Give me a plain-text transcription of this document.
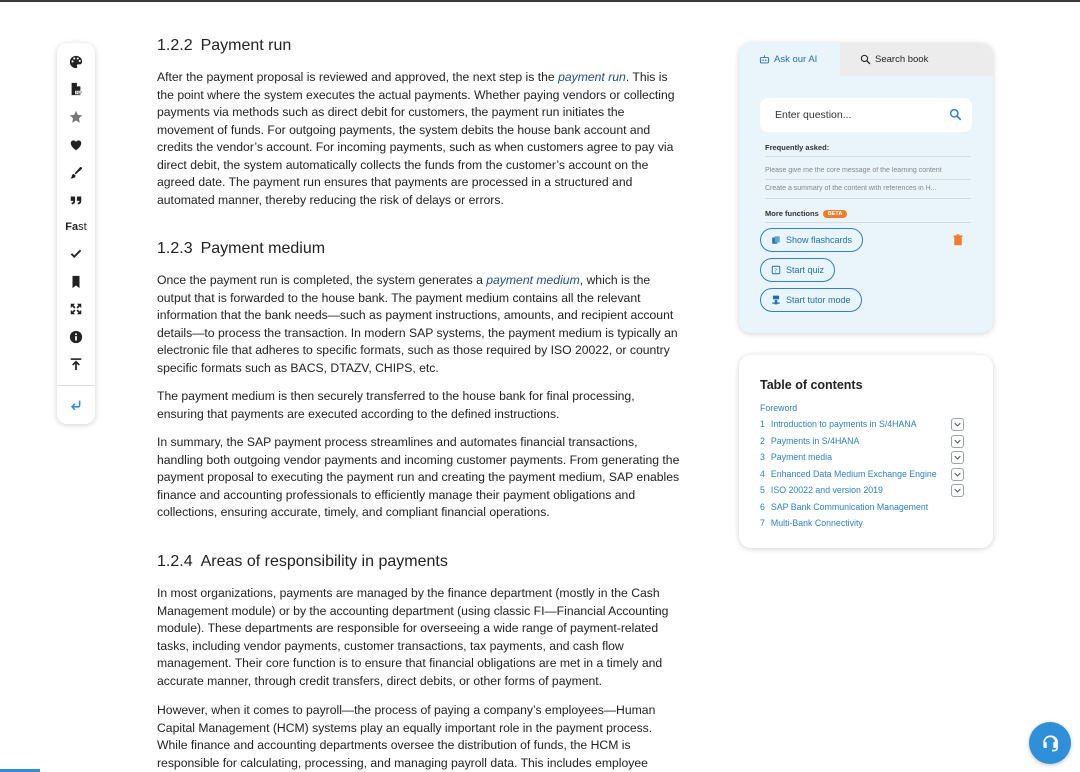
PDF
Fast
1.2.2 Payment run

After the payment proposal is reviewed and approved, the next step is the payment run. This is the point where the system executes the actual payments. Whether paying vendors or collecting payments via methods such as direct debit for customers, the payment run initiates the movement of funds. For outgoing payments, the system debits the house bank account and credits the vendor’s account. For incoming payments, such as when customers agree to pay via direct debit, the system automatically collects the funds from the customer’s account on the agreed date. The payment run ensures that payments are processed in a structured and automated manner, thereby reducing the risk of delays or errors.

1.2.3 Payment medium

Once the payment run is completed, the system generates a payment medium, which is the output that is forwarded to the house bank. The payment medium contains all the relevant information that the bank needs—such as payment instructions, amounts, and recipient account details—to process the transaction. In modern SAP systems, the payment medium is typically an electronic file that adheres to specific formats, such as those required by ISO 20022, or country specific formats such as BACS, DTAZV, CHIPS, etc.

The payment medium is then securely transferred to the house bank for final processing, ensuring that payments are executed according to the defined instructions.

In summary, the SAP payment process streamlines and automates financial transactions, handling both outgoing vendor payments and incoming customer payments. From generating the payment proposal to executing the payment run and creating the payment medium, SAP enables finance and accounting professionals to efficiently manage their payment obligations and collections, ensuring accurate, timely, and compliant financial operations.

1.2.4 Areas of responsibility in payments

In most organizations, payments are managed by the finance department (mostly in the Cash Management module) or by the accounting department (using classic FI—Financial Accounting module). These departments are responsible for overseeing a wide range of payment-related tasks, including vendor payments, customer transactions, tax payments, and cash flow management. Their core function is to ensure that financial obligations are met in a timely and accurate manner, through credit transfers, direct debits, or other forms of payment.

However, when it comes to payroll—the process of paying a company’s employees—Human Capital Management (HCM) systems play an equally important role in the payment process. While finance and accounting departments oversee the distribution of funds, the HCM is responsible for calculating, processing, and managing payroll data. This includes employee

Ask our AI	Search book
Enter question...
Frequently asked:
Please give me the core message of the learning content
Create a summary of the content with references in H...
More functions BETA
Show flashcards
? Start quiz
Start tutor mode
Table of contents
Foreword
1 Introduction to payments in S/4HANA
2 Payments in S/4HANA
3 Payment media
4 Enhanced Data Medium Exchange Engine
5 ISO 20022 and version 2019
6 SAP Bank Communication Management
7 Multi-Bank Connectivity
